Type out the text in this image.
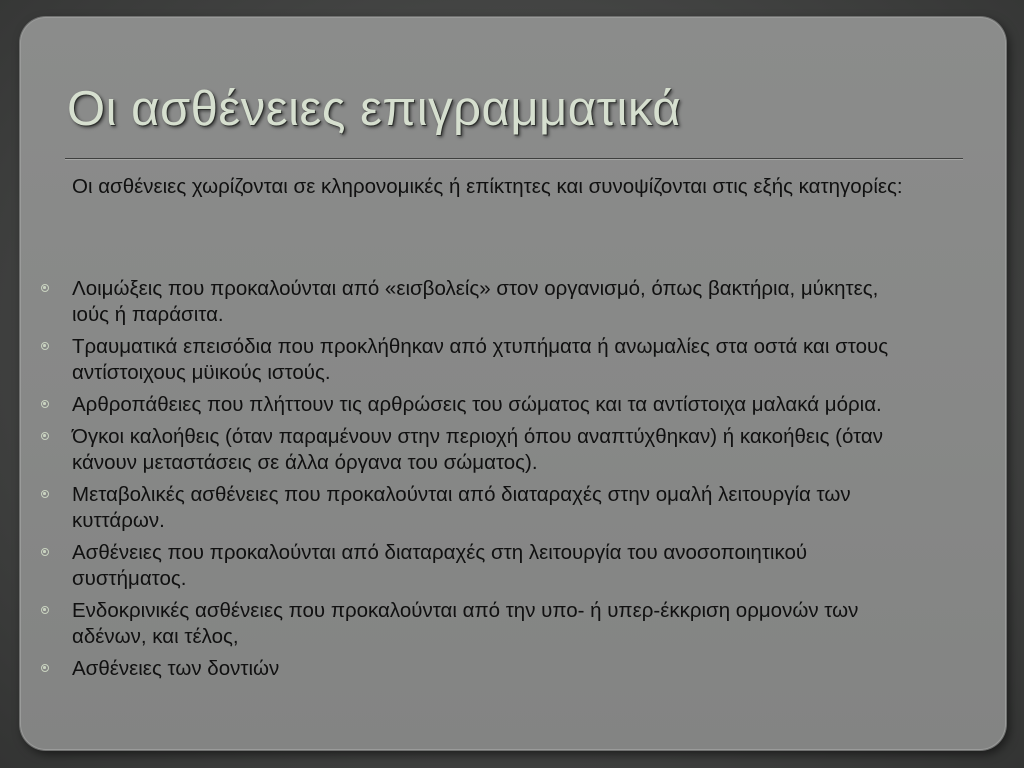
Οι ασθένειες επιγραμματικά

Οι ασθένειες χωρίζονται σε κληρονομικές ή επίκτητες και συνοψίζονται στις εξής κατηγορίες:

Λοιμώξεις που προκαλούνται από «εισβολείς» στον οργανισμό, όπως βακτήρια, μύκητες, ιούς ή παράσιτα.
Τραυματικά επεισόδια που προκλήθηκαν από χτυπήματα ή ανωμαλίες στα οστά και στους αντίστοιχους μϋικούς ιστούς.
Αρθροπάθειες που πλήττουν τις αρθρώσεις του σώματος και τα αντίστοιχα μαλακά μόρια.
Όγκοι καλοήθεις (όταν παραμένουν στην περιοχή όπου αναπτύχθηκαν) ή κακοήθεις (όταν κάνουν μεταστάσεις σε άλλα όργανα του σώματος).
Μεταβολικές ασθένειες που προκαλούνται από διαταραχές στην ομαλή λειτουργία των κυττάρων.
Ασθένειες που προκαλούνται από διαταραχές στη λειτουργία του ανοσοποιητικού συστήματος.
Ενδοκρινικές ασθένειες που προκαλούνται από την υπο- ή υπερ-έκκριση ορμονών των αδένων, και τέλος,
Ασθένειες των δοντιών
